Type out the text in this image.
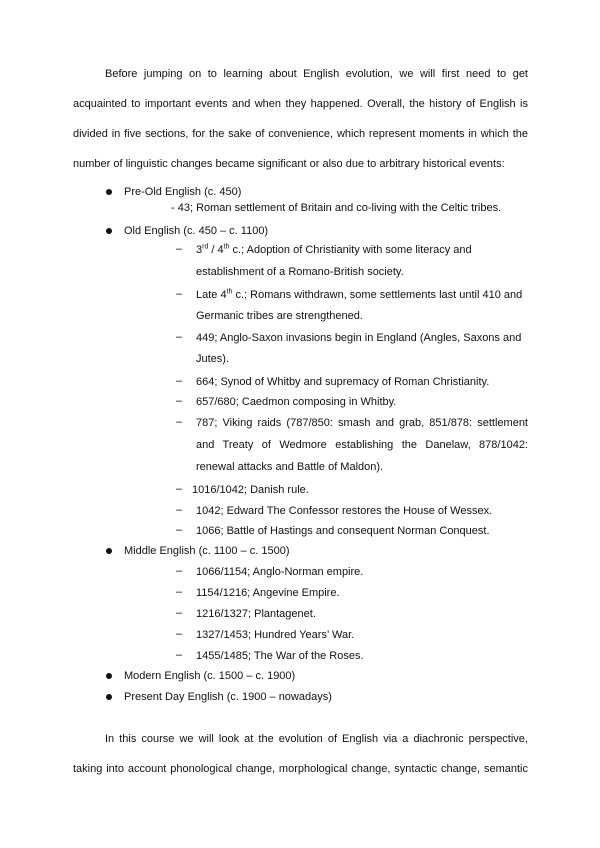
Before jumping on to learning about English evolution, we will first need to get
acquainted to important events and when they happened. Overall, the history of English is
divided in five sections, for the sake of convenience, which represent moments in which the
number of linguistic changes became significant or also due to arbitrary historical events:
Pre-Old English (c. 450)
- 43; Roman settlement of Britain and co-living with the Celtic tribes.
Old English (c. 450 – c. 1100)
– 3rd / 4th c.; Adoption of Christianity with some literacy and
establishment of a Romano-British society.
– Late 4th c.; Romans withdrawn, some settlements last until 410 and
Germanic tribes are strengthened.
– 449; Anglo-Saxon invasions begin in England (Angles, Saxons and
Jutes).
– 664; Synod of Whitby and supremacy of Roman Christianity.
– 657/680; Caedmon composing in Whitby.
– 787; Viking raids (787/850: smash and grab, 851/878: settlement
and Treaty of Wedmore establishing the Danelaw, 878/1042:
renewal attacks and Battle of Maldon).
– 1016/1042; Danish rule.
– 1042; Edward The Confessor restores the House of Wessex.
– 1066; Battle of Hastings and consequent Norman Conquest.
Middle English (c. 1100 – c. 1500)
– 1066/1154; Anglo-Norman empire.
– 1154/1216; Angevine Empire.
– 1216/1327; Plantagenet.
– 1327/1453; Hundred Years’ War.
– 1455/1485; The War of the Roses.
Modern English (c. 1500 – c. 1900)
Present Day English (c. 1900 – nowadays)
In this course we will look at the evolution of English via a diachronic perspective,
taking into account phonological change, morphological change, syntactic change, semantic
